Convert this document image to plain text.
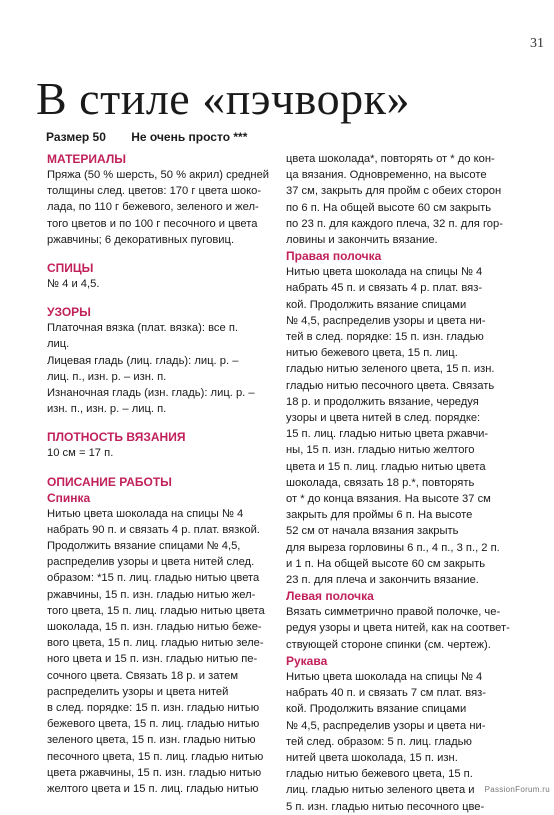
31
В стиле «пэчворк»
Размер 50 Не очень просто ***
МАТЕРИАЛЫ
Пряжа (50 % шерсть, 50 % акрил) средней
толщины след. цветов: 170 г цвета шоко-
лада, по 110 г бежевого, зеленого и жел-
того цветов и по 100 г песочного и цвета
ржавчины; 6 декоративных пуговиц.
СПИЦЫ
№ 4 и 4,5.
УЗОРЫ
Платочная вязка (плат. вязка): все п.
лиц.
Лицевая гладь (лиц. гладь): лиц. р. –
лиц. п., изн. р. – изн. п.
Изнаночная гладь (изн. гладь): лиц. р. –
изн. п., изн. р. – лиц. п.
ПЛОТНОСТЬ ВЯЗАНИЯ
10 см = 17 п.
ОПИСАНИЕ РАБОТЫ
Спинка
Нитью цвета шоколада на спицы № 4
набрать 90 п. и связать 4 р. плат. вязкой.
Продолжить вязание спицами № 4,5,
распределив узоры и цвета нитей след.
образом: *15 п. лиц. гладью нитью цвета
ржавчины, 15 п. изн. гладью нитью жел-
того цвета, 15 п. лиц. гладью нитью цвета
шоколада, 15 п. изн. гладью нитью беже-
вого цвета, 15 п. лиц. гладью нитью зеле-
ного цвета и 15 п. изн. гладью нитью пе-
сочного цвета. Связать 18 р. и затем
распределить узоры и цвета нитей
в след. порядке: 15 п. изн. гладью нитью
бежевого цвета, 15 п. лиц. гладью нитью
зеленого цвета, 15 п. изн. гладью нитью
песочного цвета, 15 п. лиц. гладью нитью
цвета ржавчины, 15 п. изн. гладью нитью
желтого цвета и 15 п. лиц. гладью нитью
цвета шоколада*, повторять от * до кон-
ца вязания. Одновременно, на высоте
37 см, закрыть для пройм с обеих сторон
по 6 п. На общей высоте 60 см закрыть
по 23 п. для каждого плеча, 32 п. для гор-
ловины и закончить вязание.
Правая полочка
Нитью цвета шоколада на спицы № 4
набрать 45 п. и связать 4 р. плат. вяз-
кой. Продолжить вязание спицами
№ 4,5, распределив узоры и цвета ни-
тей в след. порядке: 15 п. изн. гладью
нитью бежевого цвета, 15 п. лиц.
гладью нитью зеленого цвета, 15 п. изн.
гладью нитью песочного цвета. Связать
18 р. и продолжить вязание, чередуя
узоры и цвета нитей в след. порядке:
15 п. лиц. гладью нитью цвета ржавчи-
ны, 15 п. изн. гладью нитью желтого
цвета и 15 п. лиц. гладью нитью цвета
шоколада, связать 18 р.*, повторять
от * до конца вязания. На высоте 37 см
закрыть для проймы 6 п. На высоте
52 см от начала вязания закрыть
для выреза горловины 6 п., 4 п., 3 п., 2 п.
и 1 п. На общей высоте 60 см закрыть
23 п. для плеча и закончить вязание.
Левая полочка
Вязать симметрично правой полочке, че-
редуя узоры и цвета нитей, как на соответ-
ствующей стороне спинки (см. чертеж).
Рукава
Нитью цвета шоколада на спицы № 4
набрать 40 п. и связать 7 см плат. вяз-
кой. Продолжить вязание спицами
№ 4,5, распределив узоры и цвета ни-
тей след. образом: 5 п. лиц. гладью
нитей цвета шоколада, 15 п. изн.
гладью нитью бежевого цвета, 15 п.
лиц. гладью нитью зеленого цвета и
5 п. изн. гладью нитью песочного цве-
PassionForum.ru
